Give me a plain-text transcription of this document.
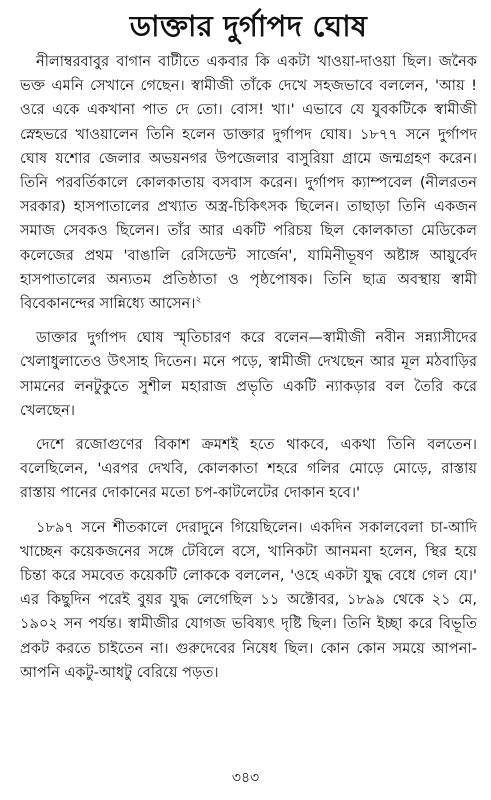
ডাক্তার দুর্গাপদ ঘোষ

নীলাম্বরবাবুর বাগান বাটীতে একবার কি একটা খাওয়া-দাওয়া ছিল। জনৈক ভক্ত এমনি সেখানে গেছেন। স্বামীজী তাঁকে দেখে সহজভাবে বললেন, 'আয় ! ওরে একে একখানা পাত দে তো। বোস! খা।' এভাবে যে যুবকটিকে স্বামীজী স্নেহভরে খাওয়ালেন তিনি হলেন ডাক্তার দুর্গাপদ ঘোষ। ১৮৭৭ সনে দুর্গাপদ ঘোষ যশোর জেলার অভয়নগর উপজেলার বাসুরিয়া গ্রামে জন্মগ্রহণ করেন। তিনি পরবর্তিকালে কোলকাতায় বসবাস করেন। দুর্গাপদ ক্যাম্পবেল (নীলরতন সরকার) হাসপাতালের প্রখ্যাত অস্ত্র-চিকিৎসক ছিলেন। তাছাড়া তিনি একজন সমাজ সেবকও ছিলেন। তাঁর আর একটি পরিচয় ছিল কোলকাতা মেডিকেল কলেজের প্রথম 'বাঙালি রেসিডেন্ট সার্জেন', যামিনীভূষণ অষ্টাঙ্গ আয়ুর্বেদ হাসপাতালের অন্যতম প্রতিষ্ঠাতা ও পৃষ্ঠপোষক। তিনি ছাত্র অবস্থায় স্বামী বিবেকানন্দের সান্নিধ্যে আসেন।$^২$

ডাক্তার দুর্গাপদ ঘোষ স্মৃতিচারণ করে বলেন—স্বামীজী নবীন সন্ন্যাসীদের খেলাধুলাতেও উৎসাহ দিতেন। মনে পড়ে, স্বামীজী দেখছেন আর মূল মঠবাড়ির সামনের লনটুকুতে সুশীল মহারাজ প্রভৃতি একটি ন্যাকড়ার বল তৈরি করে খেলছেন।

দেশে রজোগুণের বিকাশ ক্রমশই হতে থাকবে, একথা তিনি বলতেন। বলেছিলেন, 'এরপর দেখবি, কোলকাতা শহরে গলির মোড়ে মোড়ে, রাস্তায় রাস্তায় পানের দোকানের মতো চপ-কাটলেটের দোকান হবে।'

১৮৯৭ সনে শীতকালে দেরাদুনে গিয়েছিলেন। একদিন সকালবেলা চা-আদি খাচ্ছেন কয়েকজনের সঙ্গে টেবিলে বসে, খানিকটা আনমনা হলেন, স্থির হয়ে চিন্তা করে সমবেত কয়েকটি লোককে বললেন, 'ওহে একটা যুদ্ধ বেধে গেল যে।' এর কিছুদিন পরেই বুয়র যুদ্ধ লেগেছিল ১১ অক্টোবর, ১৮৯৯ থেকে ২১ মে, ১৯০২ সন পর্যন্ত। স্বামীজীর যোগজ ভবিষ্যৎ দৃষ্টি ছিল। তিনি ইচ্ছা করে বিভূতি প্রকট করতে চাইতেন না। গুরুদেবের নিষেধ ছিল। কোন কোন সময়ে আপনা-আপনি একটু-আধটু বেরিয়ে পড়ত।

৩৪৩
